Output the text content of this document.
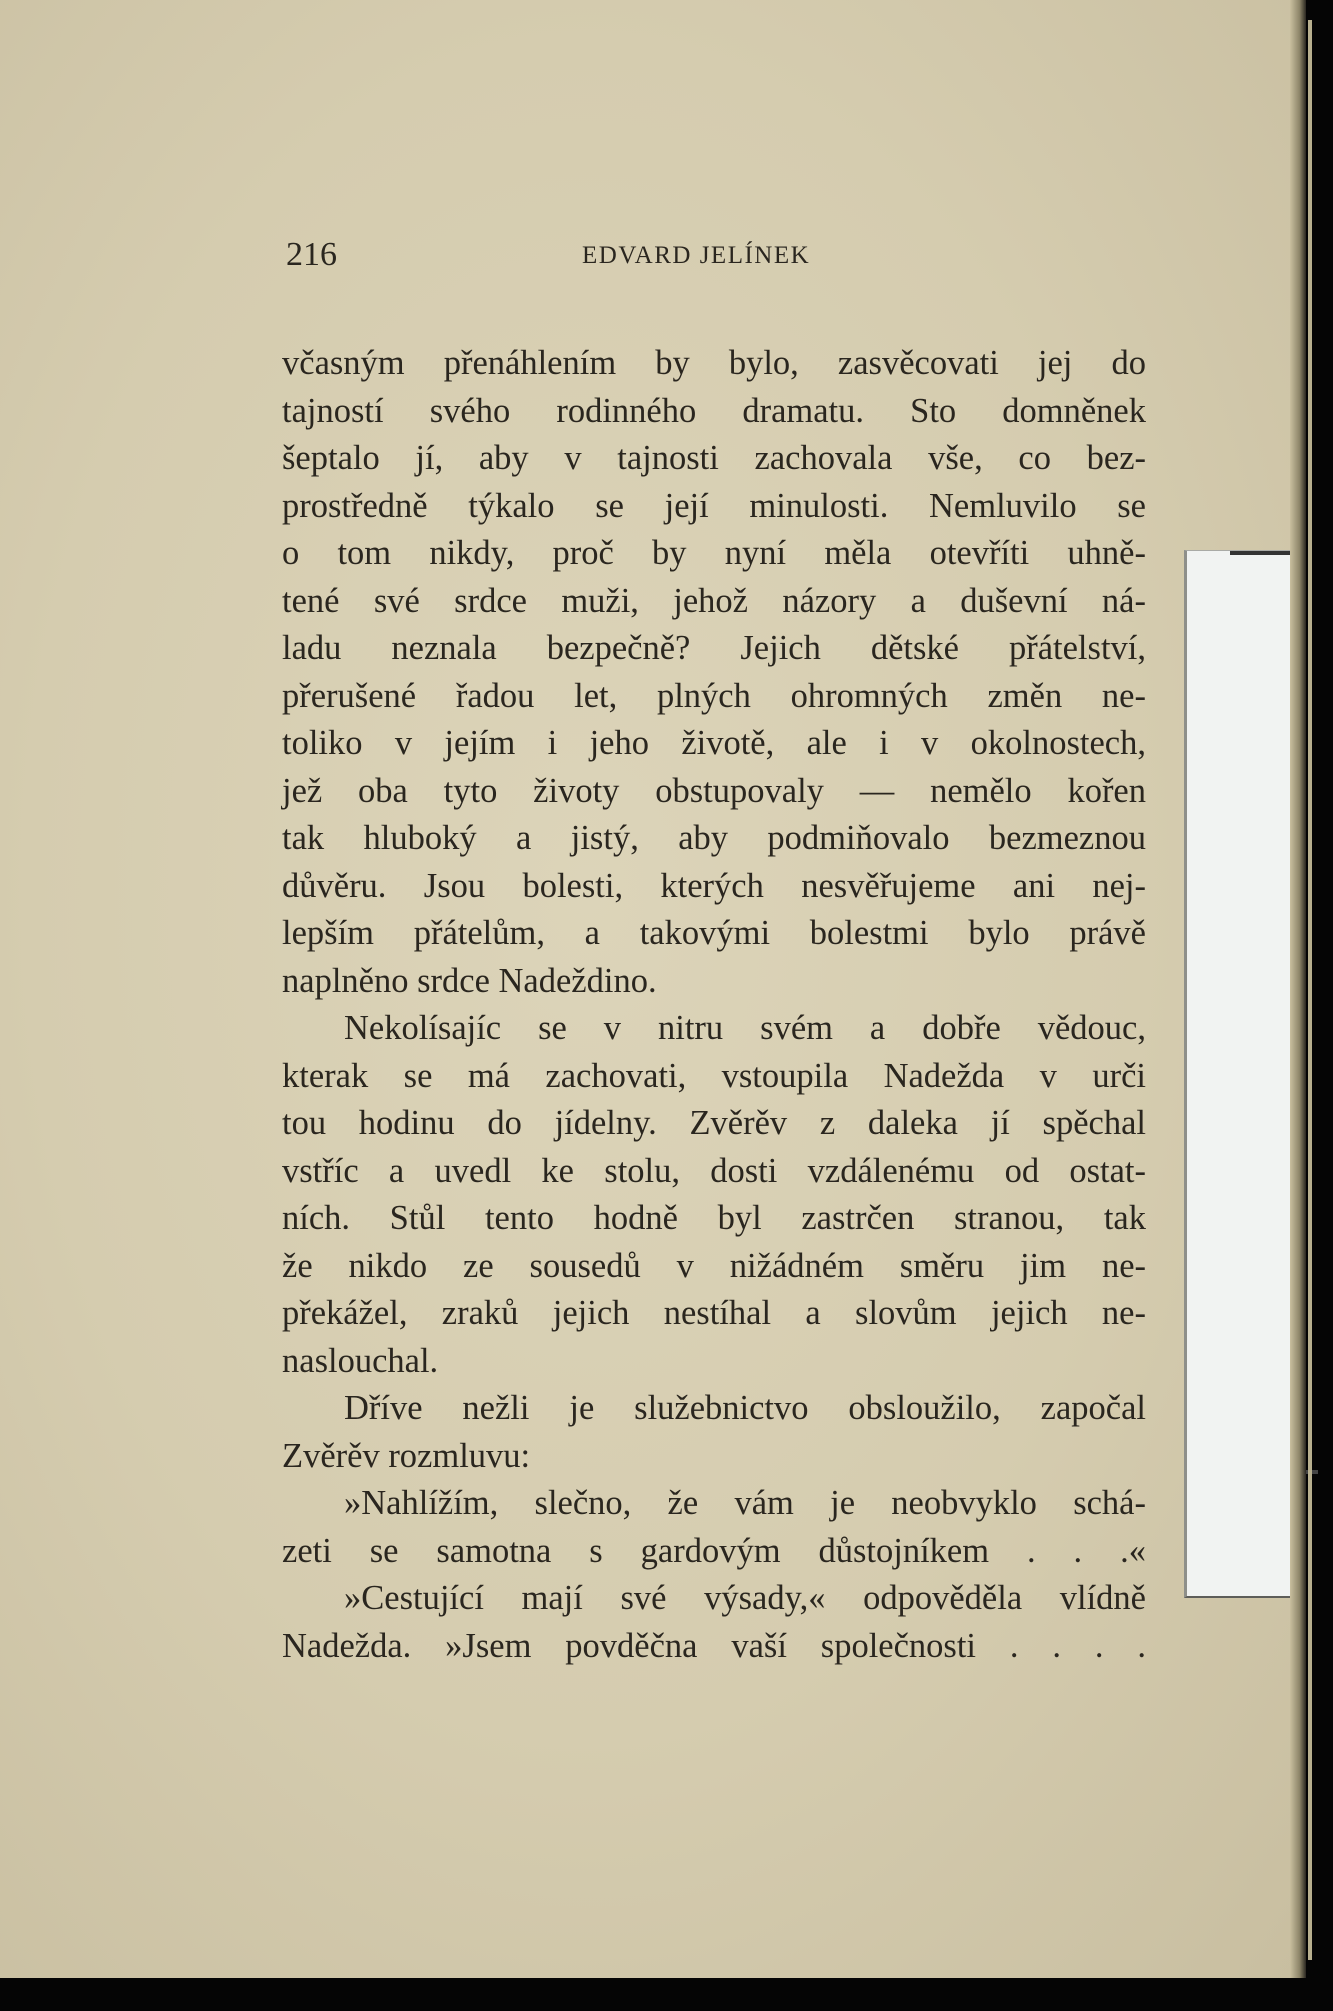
216	EDVARD JELÍNEK
včasným přenáhlením by bylo, zasvěcovati jej do
tajností svého rodinného dramatu. Sto domněnek
šeptalo jí, aby v tajnosti zachovala vše, co bez-
prostředně týkalo se její minulosti. Nemluvilo se
o tom nikdy, proč by nyní měla otevříti uhně-
tené své srdce muži, jehož názory a duševní ná-
ladu neznala bezpečně? Jejich dětské přátelství,
přerušené řadou let, plných ohromných změn ne-
toliko v jejím i jeho životě, ale i v okolnostech,
jež oba tyto životy obstupovaly — nemělo kořen
tak hluboký a jistý, aby podmiňovalo bezmeznou
důvěru. Jsou bolesti, kterých nesvěřujeme ani nej-
lepším přátelům, a takovými bolestmi bylo právě
naplněno srdce Nadeždino.
Nekolísajíc se v nitru svém a dobře vědouc,
kterak se má zachovati, vstoupila Nadežda v urči
tou hodinu do jídelny. Zvěrěv z daleka jí spěchal
vstříc a uvedl ke stolu, dosti vzdálenému od ostat-
ních. Stůl tento hodně byl zastrčen stranou, tak
že nikdo ze sousedů v nižádném směru jim ne-
překážel, zraků jejich nestíhal a slovům jejich ne-
naslouchal.
Dříve nežli je služebnictvo obsloužilo, započal
Zvěrěv rozmluvu:
»Nahlížím, slečno, že vám je neobvyklo schá-
zeti se samotna s gardovým důstojníkem . . .«
»Cestující mají své výsady,« odpověděla vlídně
Nadežda. »Jsem povděčna vaší společnosti . . . .
